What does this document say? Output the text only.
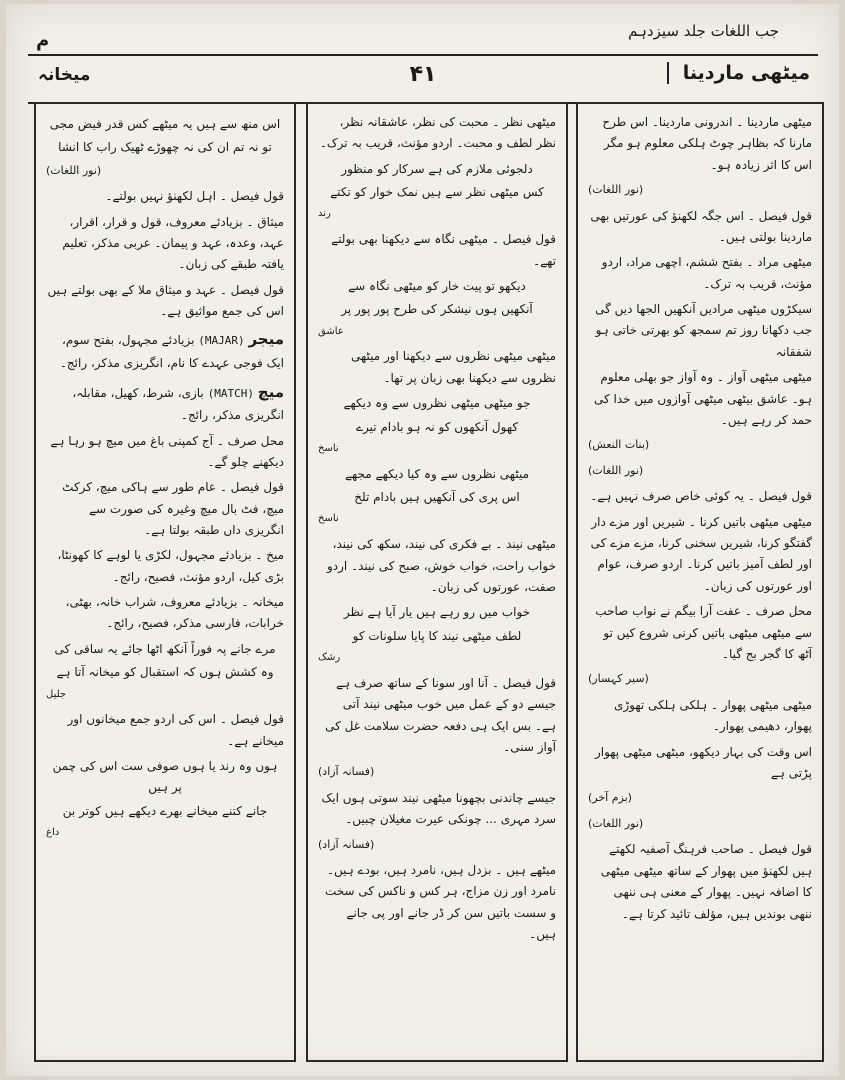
جب اللغات جلد سیزدہم
م
میخانہ	۴۱	میٹھی ماردینا

میٹھی ماردینا ۔ اندرونی ماردینا۔ اس طرح مارنا کہ بظاہر چوٹ ہلکی معلوم ہو مگر اس کا اثر زیادہ ہو۔

(نور اللغات)

قول فیصل ۔ اس جگہ لکھنؤ کی عورتیں بھی ماردینا بولتی ہیں۔

میٹھی مراد ۔ بفتح ششم، اچھی مراد، اردو مؤنث، قریب بہ ترک۔

سیکڑوں میٹھی مرادیں آنکھیں الجھا دیں گی جب دکھانا روز تم سمجھ کو بھرتی خاتی ہو شفقانہ

میٹھی میٹھی آواز ۔ وہ آواز جو بھلی معلوم ہو۔ عاشق بیٹھی میٹھی آوازوں میں خدا کی حمد کر رہے ہیں۔

(بنات النعش)
(نور اللغات)

قول فیصل ۔ یہ کوئی خاص صرف نہیں ہے۔

میٹھی میٹھی باتیں کرنا ۔ شیریں اور مزے دار گفتگو کرنا، شیریں سخنی کرنا، مزے مزے کی اور لطف آمیز باتیں کرنا۔ اردو صرف، عوام اور عورتوں کی زبان۔

محل صرف ۔ عفت آرا بیگم نے نواب صاحب سے میٹھی میٹھی باتیں کرنی شروع کیں تو آٹھ کا گجر بج گیا۔

(سیر کہسار)

میٹھی میٹھی پھوار ۔ ہلکی ہلکی تھوڑی پھوار، دھیمی پھوار۔

اس وقت کی بہار دیکھو، میٹھی میٹھی پھوار پڑتی ہے

(بزم آخر)
(نور اللغات)

قول فیصل ۔ صاحب فرہنگ آصفیہ لکھتے ہیں لکھنؤ میں پھوار کے ساتھ میٹھی میٹھی کا اضافہ نہیں۔ پھوار کے معنی ہی ننھی ننھی بوندیں ہیں، مؤلف تائید کرتا ہے۔

میٹھی نظر ۔ محبت کی نظر، عاشقانہ نظر، نظر لطف و محبت۔ اردو مؤنث، قریب بہ ترک۔

دلجوئی ملازم کی ہے سرکار کو منظور
کس میٹھی نظر سے ہیں نمک خوار کو تکتے
رند

قول فیصل ۔ میٹھی نگاہ سے دیکھنا بھی بولتے تھے۔

دیکھو تو پیت خار کو میٹھی نگاہ سے
آنکھیں ہوں نیشکر کی طرح پور پور پر
عاشق

میٹھی میٹھی نظروں سے دیکھنا اور میٹھی نظروں سے دیکھنا بھی زبان پر تھا۔

جو میٹھی میٹھی نظروں سے وہ دیکھے
کھول آنکھوں کو نہ ہو بادام تیرے
ناسخ
میٹھی نظروں سے وہ کیا دیکھے مجھے
اس پری کی آنکھیں ہیں بادام تلخ
ناسخ

میٹھی نیند ۔ بے فکری کی نیند، سکھ کی نیند، خواب راحت، خواب خوش، صبح کی نیند۔ اردو صفت، عورتوں کی زبان۔

خواب میں رو رہے ہیں یار آیا ہے نظر
لطف میٹھی نیند کا پایا سلونات کو
رشک

قول فیصل ۔ آنا اور سونا کے ساتھ صرف ہے جیسے دو کے عمل میں خوب میٹھی نیند آتی ہے۔ بس ایک ہی دفعہ حضرت سلامت غل کی آواز سنی۔

(فسانہ آزاد)

جیسے چاندنی بچھونا میٹھی نیند سوتی ہوں ایک سرد مہری ... چونکی عیرت مغیلان چبیں۔

(فسانہ آزاد)

میٹھے ہیں ۔ بزدل ہیں، نامرد ہیں، بودے ہیں۔ نامرد اور زن مزاج، ہر کس و ناکس کی سخت و سست باتیں سن کر ڈر جانے اور پی جانے ہیں۔

اس منھ سے ہیں یہ میٹھے کس قدر فیض مجی
تو نہ تم ان کی نہ چھوڑے ٹھیک راب کا انشا
(نور اللغات)

قول فیصل ۔ اہل لکھنؤ نہیں بولتے۔

میثاق ۔ بزیادئے معروف، قول و قرار، اقرار، عہد، وعدہ، عہد و پیمان۔ عربی مذکر، تعلیم یافتہ طبقے کی زبان۔

قول فیصل ۔ عہد و میثاق ملا کے بھی بولتے ہیں اس کی جمع مواثیق ہے۔

میجر (MAJAR) بزیادئے مجہول، بفتح سوم، ایک فوجی عہدے کا نام، انگریزی مذکر، رائج۔

میچ (MATCH) بازی، شرط، کھیل، مقابلہ، انگریزی مذکر، رائج۔

محل صرف ۔ آج کمپنی باغ میں میچ ہو رہا ہے دیکھنے چلو گے۔

قول فیصل ۔ عام طور سے ہاکی میچ، کرکٹ میچ، فٹ بال میچ وغیرہ کی صورت سے انگریزی داں طبقہ بولتا ہے۔

میخ ۔ بزیادئے مجہول، لکڑی یا لوہے کا کھونٹا، بڑی کیل، اردو مؤنث، فصیح، رائج۔

میخانہ ۔ بزیادئے معروف، شراب خانہ، بھٹی، خرابات، فارسی مذکر، فصیح، رائج۔

مرے جانے پہ فوراً آنکھ اٹھا جائے یہ ساقی کی
وہ کشش ہوں کہ استقبال کو میخانہ آتا ہے
جلیل

قول فیصل ۔ اس کی اردو جمع میخانوں اور میخانے ہے۔

ہوں وہ رند یا ہوں صوفی ست اس کی چمن پر ہیں
جانے کتنے میخانے بھرے دیکھے ہیں کوتر بن
داغ
